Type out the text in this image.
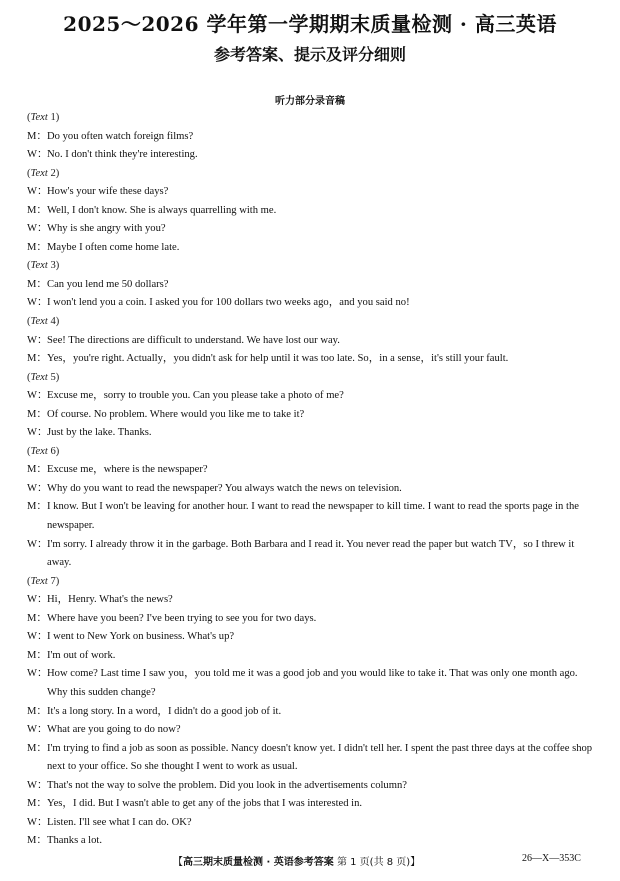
2025～2026 学年第一学期期末质量检测 · 高三英语
参考答案、提示及评分细则
听力部分录音稿
(Text 1)
M： Do you often watch foreign films?
W： No. I don't think they're interesting.
(Text 2)
W： How's your wife these days?
M： Well, I don't know. She is always quarrelling with me.
W： Why is she angry with you?
M： Maybe I often come home late.
(Text 3)
M： Can you lend me 50 dollars?
W： I won't lend you a coin. I asked you for 100 dollars two weeks ago，and you said no!
(Text 4)
W： See! The directions are difficult to understand. We have lost our way.
M： Yes，you're right. Actually，you didn't ask for help until it was too late. So，in a sense，it's still your fault.
(Text 5)
W： Excuse me，sorry to trouble you. Can you please take a photo of me?
M： Of course. No problem. Where would you like me to take it?
W： Just by the lake. Thanks.
(Text 6)
M： Excuse me，where is the newspaper?
W： Why do you want to read the newspaper? You always watch the news on television.
M： I know. But I won't be leaving for another hour. I want to read the newspaper to kill time. I want to read the sports page in the newspaper.
W： I'm sorry. I already throw it in the garbage. Both Barbara and I read it. You never read the paper but watch TV，so I threw it away.
(Text 7)
W： Hi，Henry. What's the news?
M： Where have you been? I've been trying to see you for two days.
W： I went to New York on business. What's up?
M： I'm out of work.
W： How come? Last time I saw you，you told me it was a good job and you would like to take it. That was only one month ago. Why this sudden change?
M： It's a long story. In a word，I didn't do a good job of it.
W： What are you going to do now?
M： I'm trying to find a job as soon as possible. Nancy doesn't know yet. I didn't tell her. I spent the past three days at the coffee shop next to your office. So she thought I went to work as usual.
W： That's not the way to solve the problem. Did you look in the advertisements column?
M： Yes，I did. But I wasn't able to get any of the jobs that I was interested in.
W： Listen. I'll see what I can do. OK?
M： Thanks a lot.
【高三期末质量检测 · 英语参考答案 第 1 页(共 8 页)】	26—X—353C
